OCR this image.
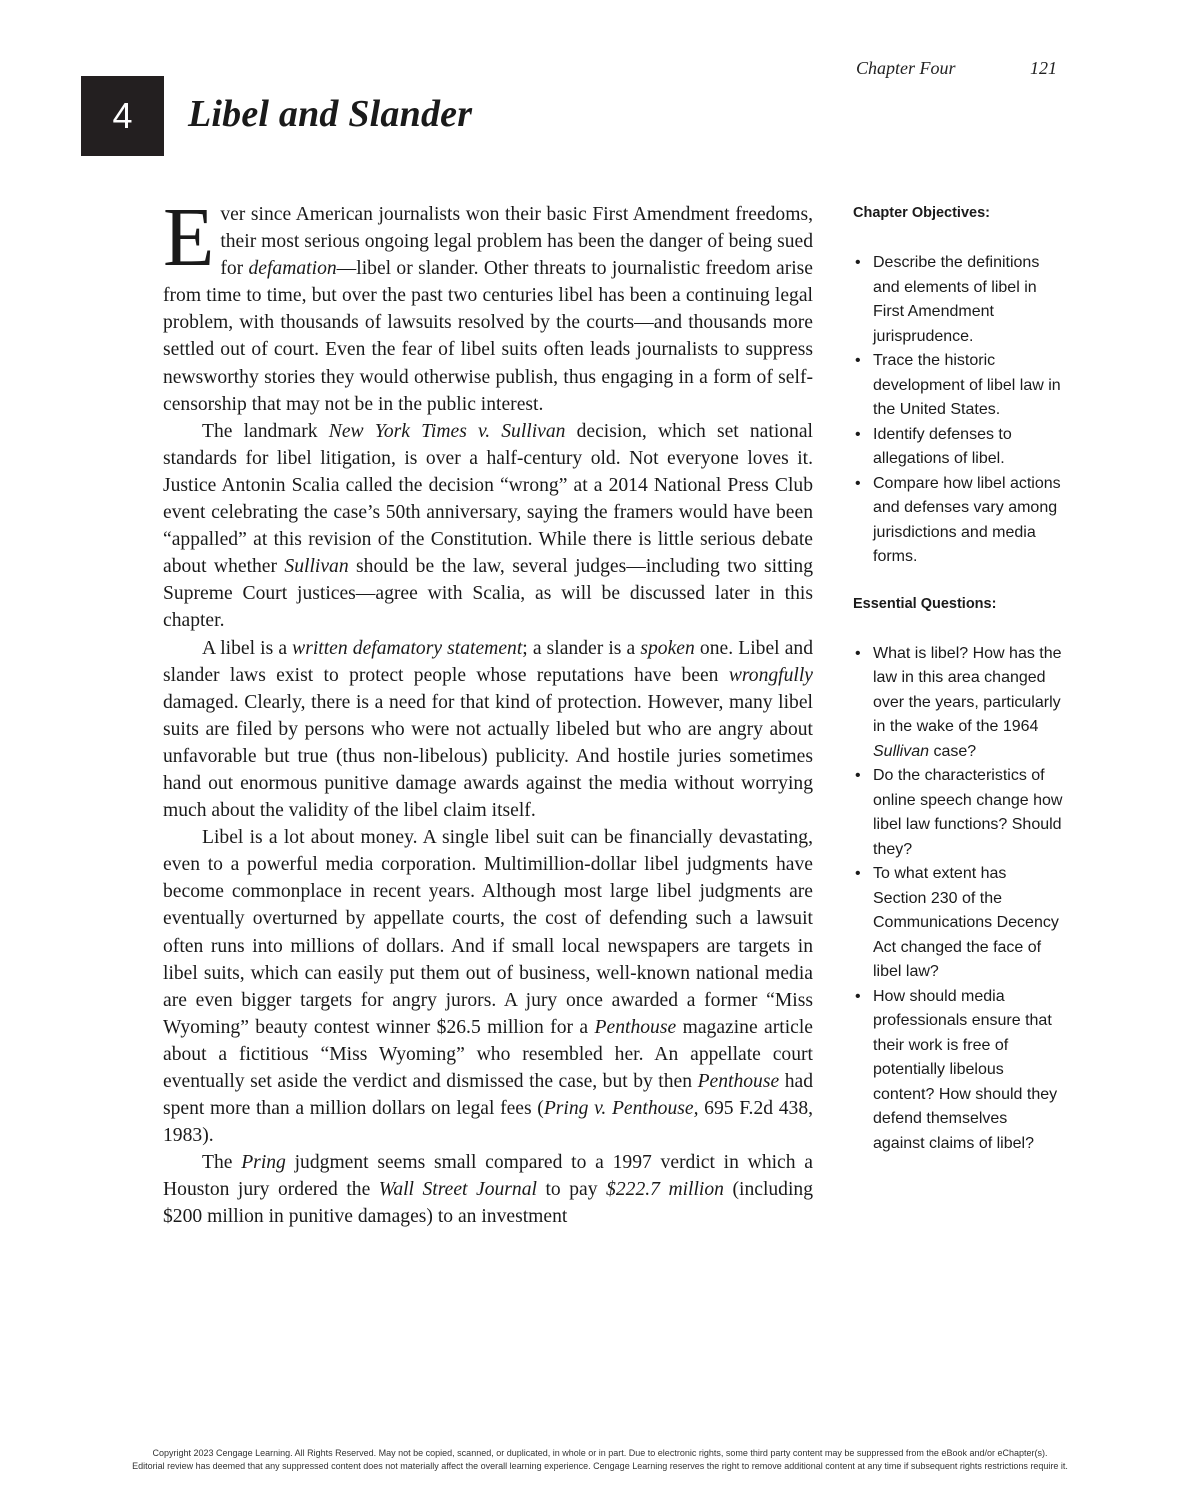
Chapter Four	121
4 Libel and Slander

Ever since American journalists won their basic First Amendment freedoms, their most serious ongoing legal problem has been the danger of being sued for defamation—libel or slander. Other threats to journalistic freedom arise from time to time, but over the past two centuries libel has been a continuing legal problem, with thousands of lawsuits resolved by the courts—and thousands more settled out of court. Even the fear of libel suits often leads journalists to suppress newsworthy stories they would otherwise publish, thus engaging in a form of self-censorship that may not be in the public interest.

The landmark New York Times v. Sullivan decision, which set national standards for libel litigation, is over a half-century old. Not everyone loves it. Justice Antonin Scalia called the decision “wrong” at a 2014 National Press Club event celebrating the case’s 50th anniversary, saying the framers would have been “appalled” at this revision of the Constitution. While there is little serious debate about whether Sullivan should be the law, several judges—including two sitting Supreme Court justices—agree with Scalia, as will be discussed later in this chapter.

A libel is a written defamatory statement; a slander is a spoken one. Libel and slander laws exist to protect people whose reputations have been wrongfully damaged. Clearly, there is a need for that kind of protection. However, many libel suits are filed by persons who were not actually libeled but who are angry about unfavorable but true (thus non-libelous) publicity. And hostile juries sometimes hand out enormous punitive damage awards against the media without worrying much about the validity of the libel claim itself.

Libel is a lot about money. A single libel suit can be financially devastating, even to a powerful media corporation. Multimillion-dollar libel judgments have become commonplace in recent years. Although most large libel judgments are eventually overturned by appellate courts, the cost of defending such a lawsuit often runs into millions of dollars. And if small local newspapers are targets in libel suits, which can easily put them out of business, well-known national media are even bigger targets for angry jurors. A jury once awarded a former “Miss Wyoming” beauty contest winner $26.5 million for a Penthouse magazine article about a fictitious “Miss Wyoming” who resembled her. An appellate court eventually set aside the verdict and dismissed the case, but by then Penthouse had spent more than a million dollars on legal fees (Pring v. Penthouse, 695 F.2d 438, 1983).

The Pring judgment seems small compared to a 1997 verdict in which a Houston jury ordered the Wall Street Journal to pay $222.7 million (including $200 million in punitive damages) to an investment

Chapter Objectives:
• Describe the definitions and elements of libel in First Amendment jurisprudence.
• Trace the historic development of libel law in the United States.
• Identify defenses to allegations of libel.
• Compare how libel actions and defenses vary among jurisdictions and media forms.
Essential Questions:
• What is libel? How has the law in this area changed over the years, particularly in the wake of the 1964 Sullivan case?
• Do the characteristics of online speech change how libel law functions? Should they?
• To what extent has Section 230 of the Communications Decency Act changed the face of libel law?
• How should media professionals ensure that their work is free of potentially libelous content? How should they defend themselves against claims of libel?
Copyright 2023 Cengage Learning. All Rights Reserved. May not be copied, scanned, or duplicated, in whole or in part. Due to electronic rights, some third party content may be suppressed from the eBook and/or eChapter(s).
Editorial review has deemed that any suppressed content does not materially affect the overall learning experience. Cengage Learning reserves the right to remove additional content at any time if subsequent rights restrictions require it.
